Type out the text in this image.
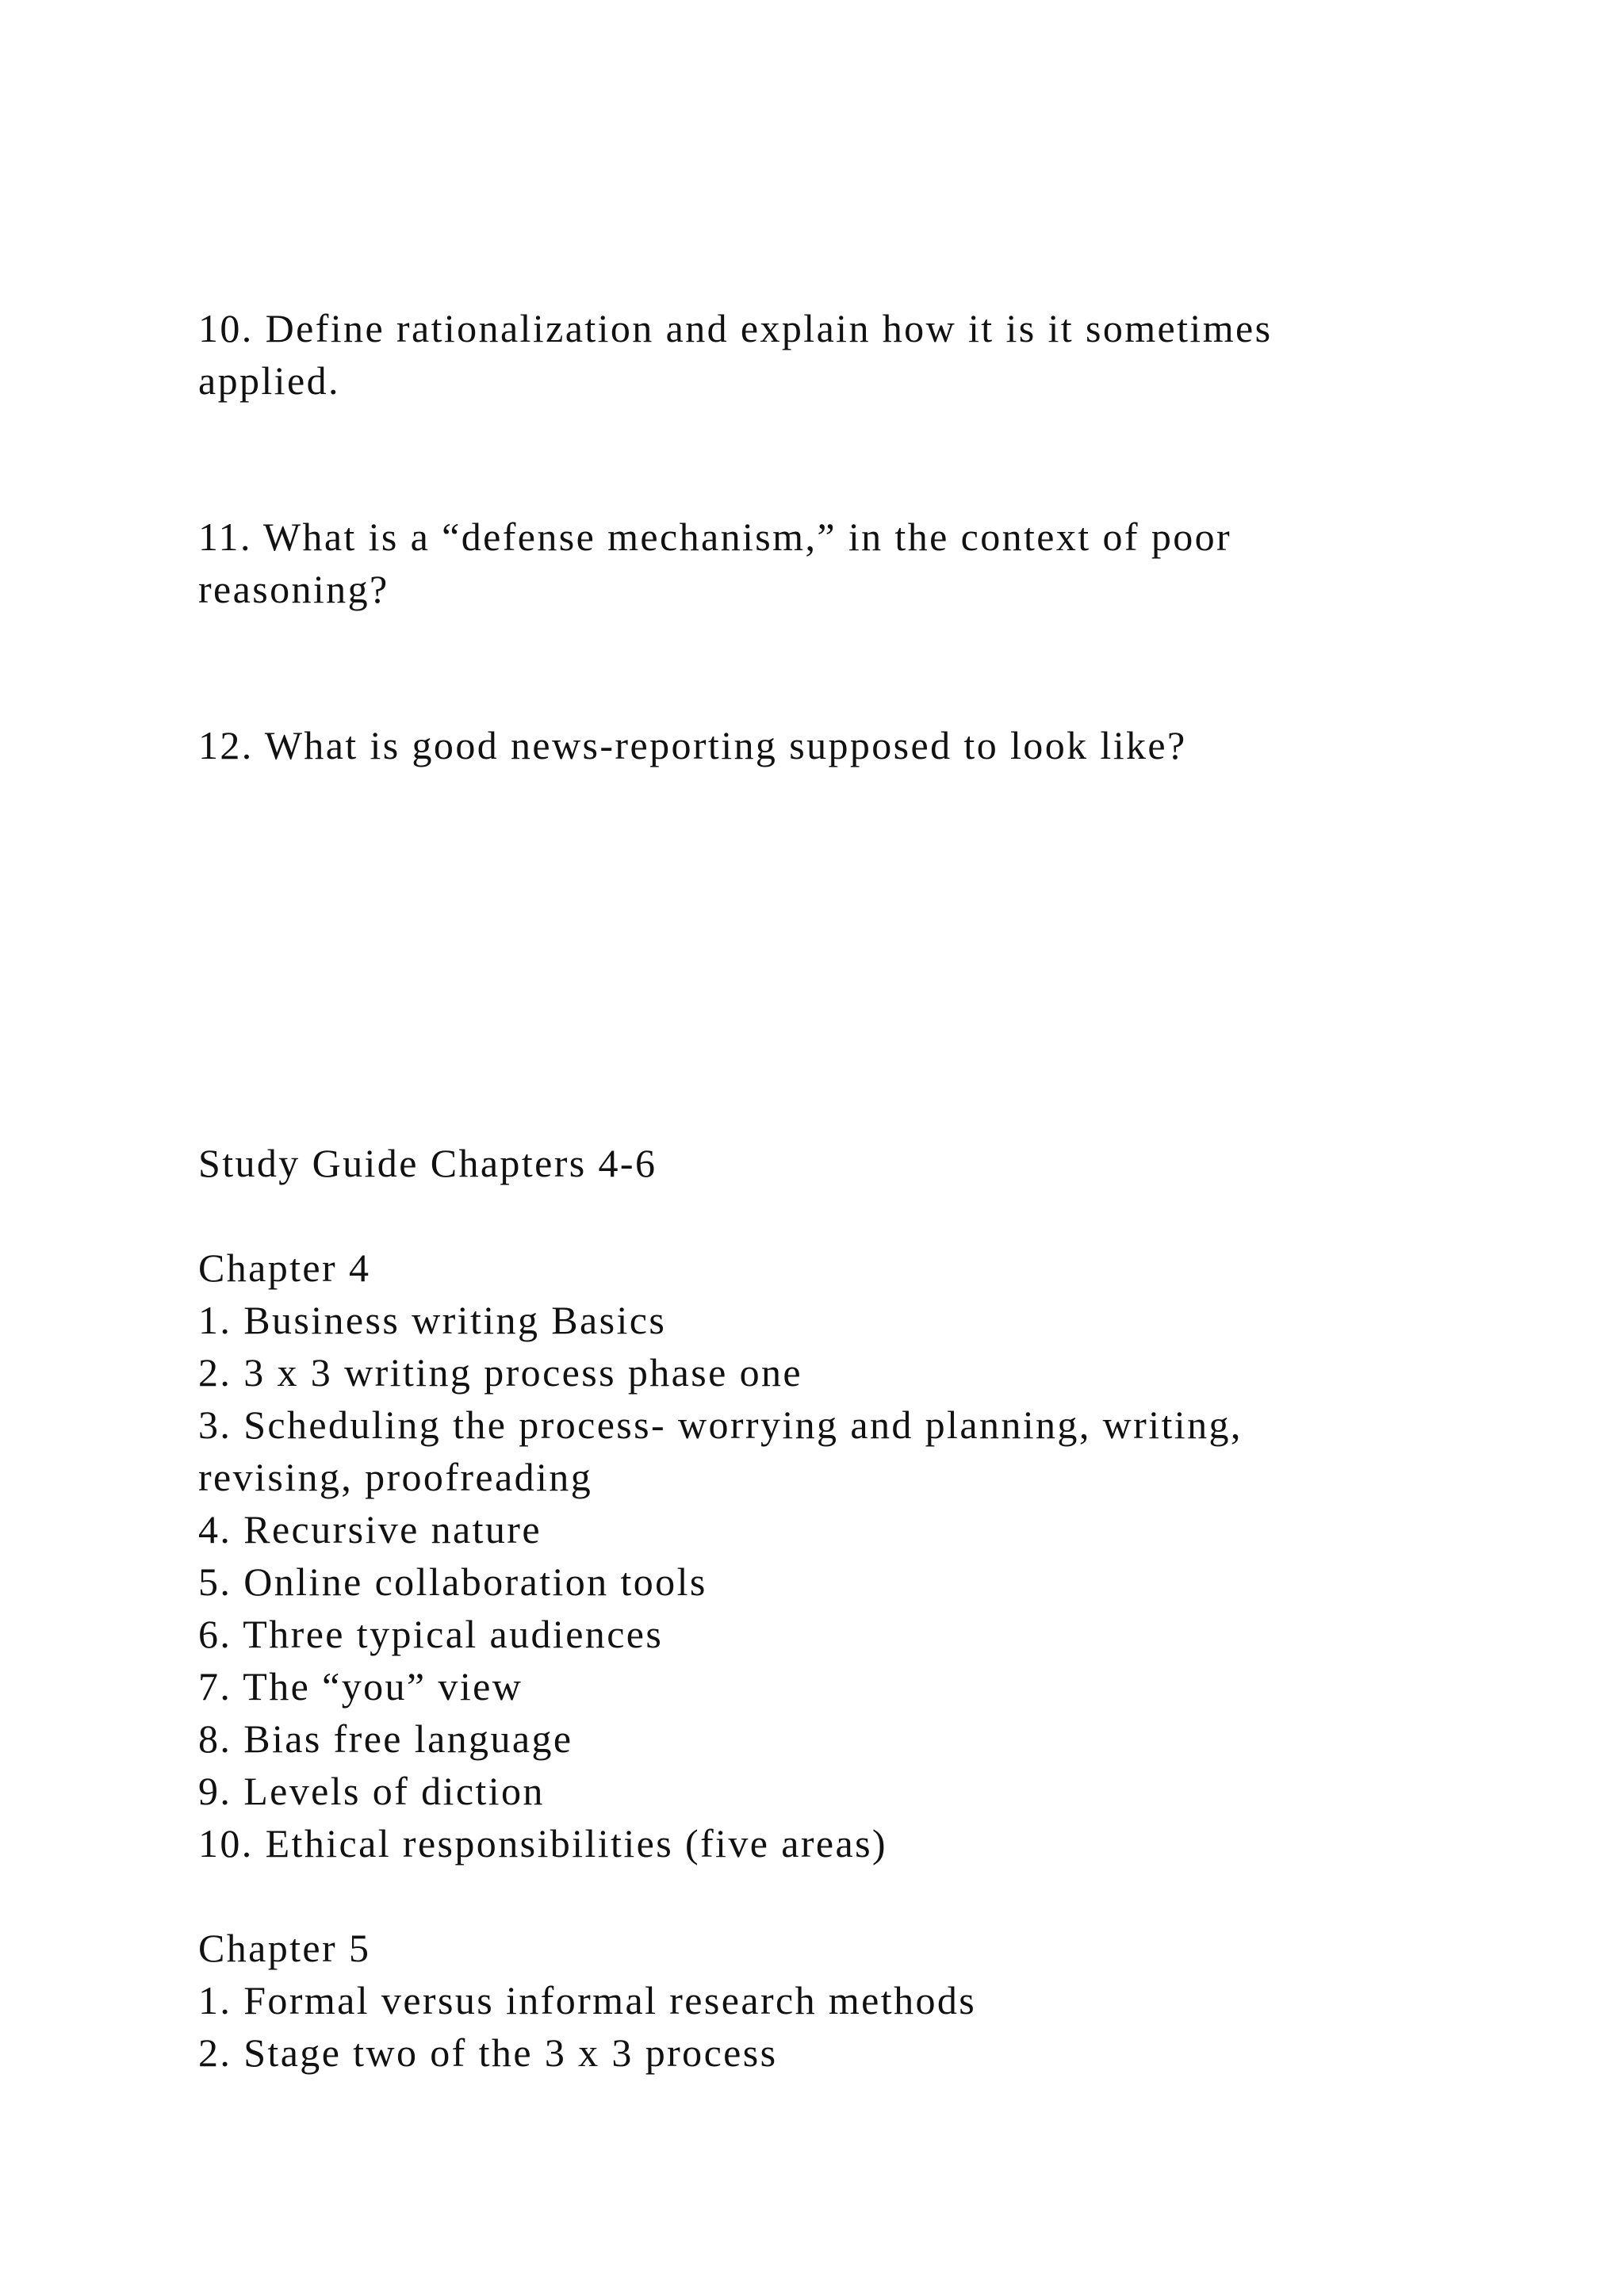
10. Define rationalization and explain how it is it sometimes
applied.
11. What is a “defense mechanism,” in the context of poor
reasoning?
12. What is good news-reporting supposed to look like?
Study Guide Chapters 4-6
Chapter 4
1. Business writing Basics
2. 3 x 3 writing process phase one
3. Scheduling the process- worrying and planning, writing,
revising, proofreading
4. Recursive nature
5. Online collaboration tools
6. Three typical audiences
7. The “you” view
8. Bias free language
9. Levels of diction
10. Ethical responsibilities (five areas)
Chapter 5
1. Formal versus informal research methods
2. Stage two of the 3 x 3 process
